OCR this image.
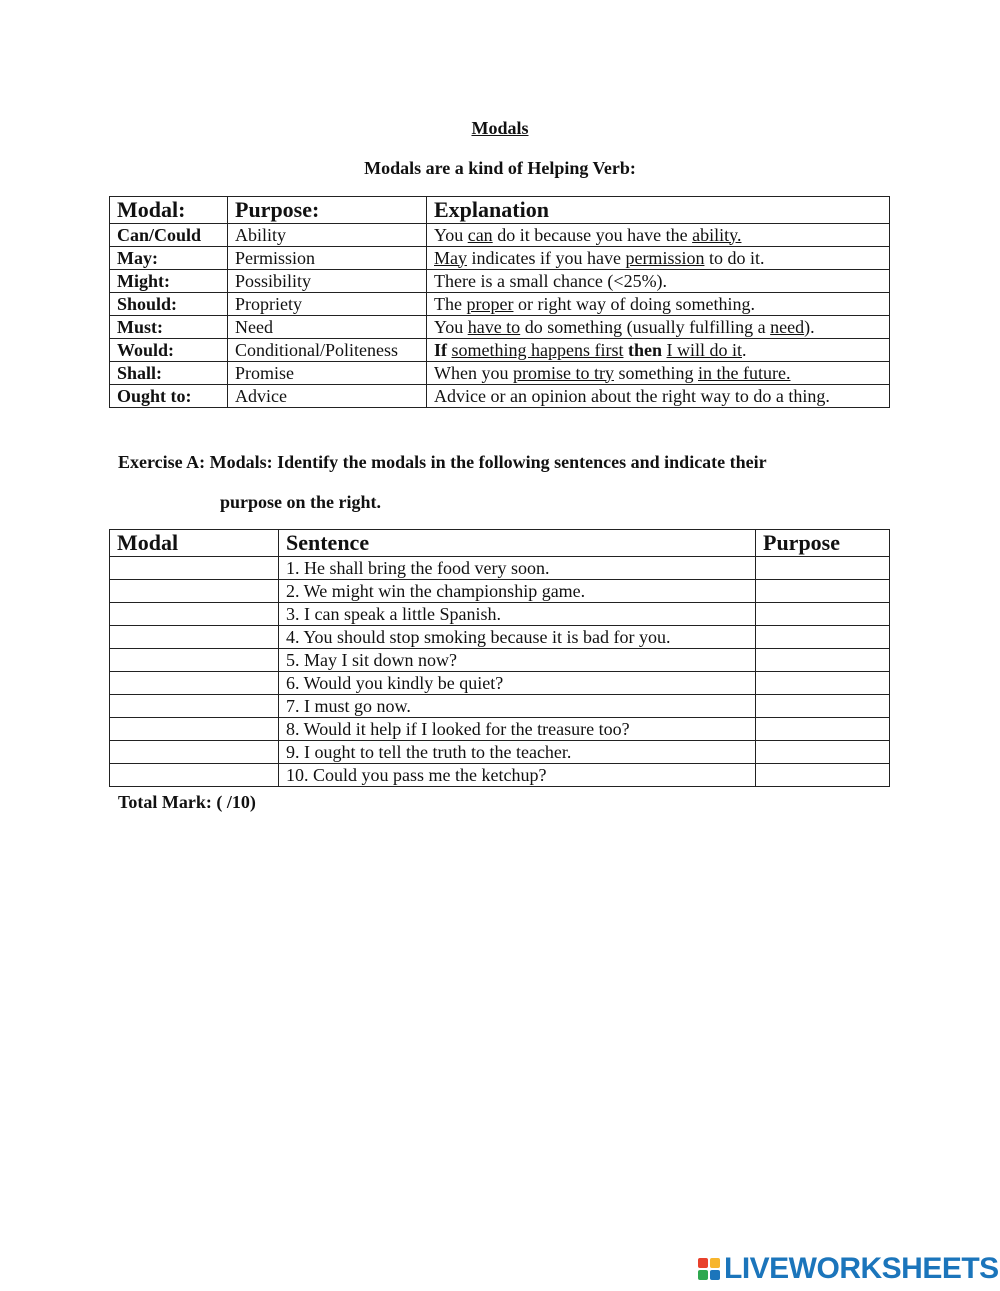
Modals
Modals are a kind of Helping Verb:
Modal:	Purpose:	Explanation
Can/Could	Ability	You can do it because you have the ability.
May:	Permission	May indicates if you have permission to do it.
Might:	Possibility	There is a small chance (<25%).
Should:	Propriety	The proper or right way of doing something.
Must:	Need	You have to do something (usually fulfilling a need).
Would:	Conditional/Politeness	If something happens first then I will do it.
Shall:	Promise	When you promise to try something in the future.
Ought to:	Advice	Advice or an opinion about the right way to do a thing.
Exercise A: Modals: Identify the modals in the following sentences and indicate their
purpose on the right.
Modal	Sentence	Purpose
	1. He shall bring the food very soon.	
	2. We might win the championship game.	
	3. I can speak a little Spanish.	
	4. You should stop smoking because it is bad for you.	
	5. May I sit down now?	
	6. Would you kindly be quiet?	
	7. I must go now.	
	8. Would it help if I looked for the treasure too?	
	9. I ought to tell the truth to the teacher.	
	10. Could you pass me the ketchup?	
Total Mark: ( /10)
LIVEWORKSHEETS
